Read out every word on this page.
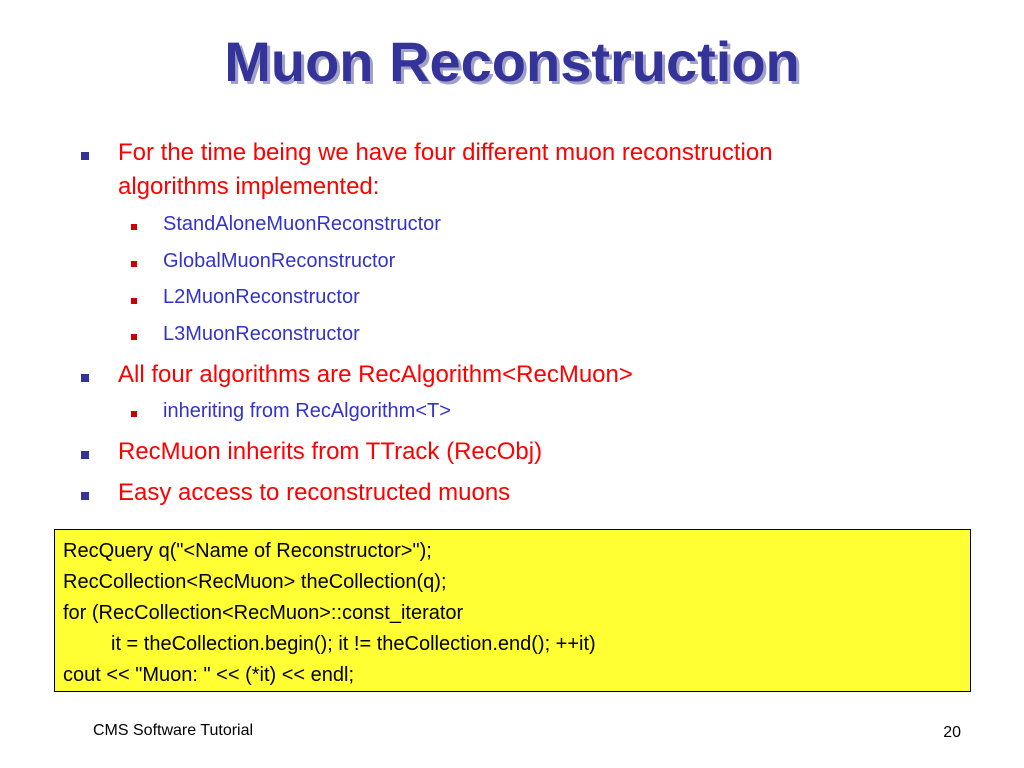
Muon Reconstruction
For the time being we have four different muon reconstruction
algorithms implemented:
StandAloneMuonReconstructor
GlobalMuonReconstructor
L2MuonReconstructor
L3MuonReconstructor
All four algorithms are RecAlgorithm<RecMuon>
inheriting from RecAlgorithm<T>
RecMuon inherits from TTrack (RecObj)
Easy access to reconstructed muons
RecQuery q("<Name of Reconstructor>");
RecCollection<RecMuon> theCollection(q);
for (RecCollection<RecMuon>::const_iterator
it = theCollection.begin(); it != theCollection.end(); ++it)
cout << "Muon: " << (*it) << endl;
CMS Software Tutorial	20
